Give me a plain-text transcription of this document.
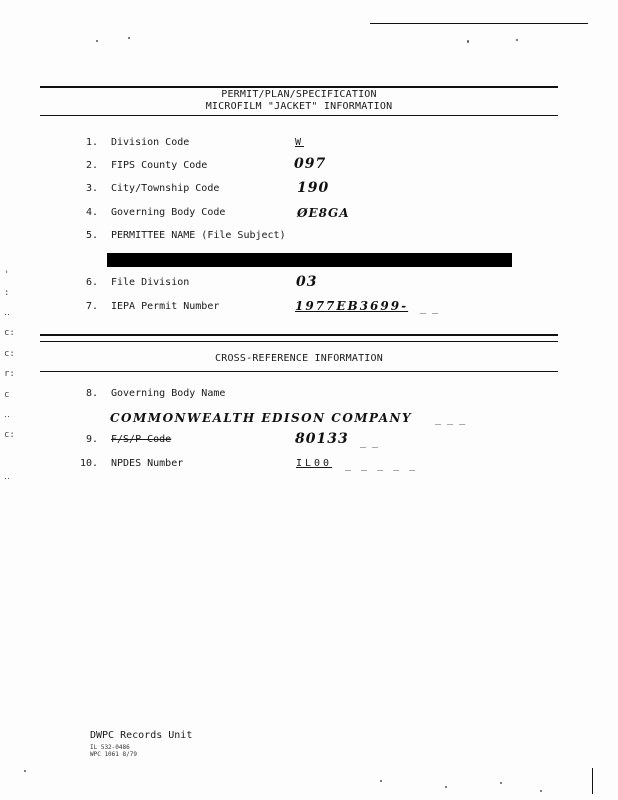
PERMIT/PLAN/SPECIFICATION
MICROFILM "JACKET" INFORMATION
1. Division Code	W
2. FIPS County Code	097
3. City/Township Code	190
4. Governing Body Code	ØE8GA
5. PERMITTEE NAME (File Subject)
6. File Division	03
7. IEPA Permit Number	1977EB3699- _ _
CROSS-REFERENCE INFORMATION
8. Governing Body Name
COMMONWEALTH EDISON COMPANY _ _ _
9. F/S/P Code	80133 _ _
10. NPDES Number	IL00 _ _ _ _ _
DWPC Records Unit
IL 532-0486
WPC 1061 8/79
'
:
‥
c:
c:
r:
c
‥
c:
‥
